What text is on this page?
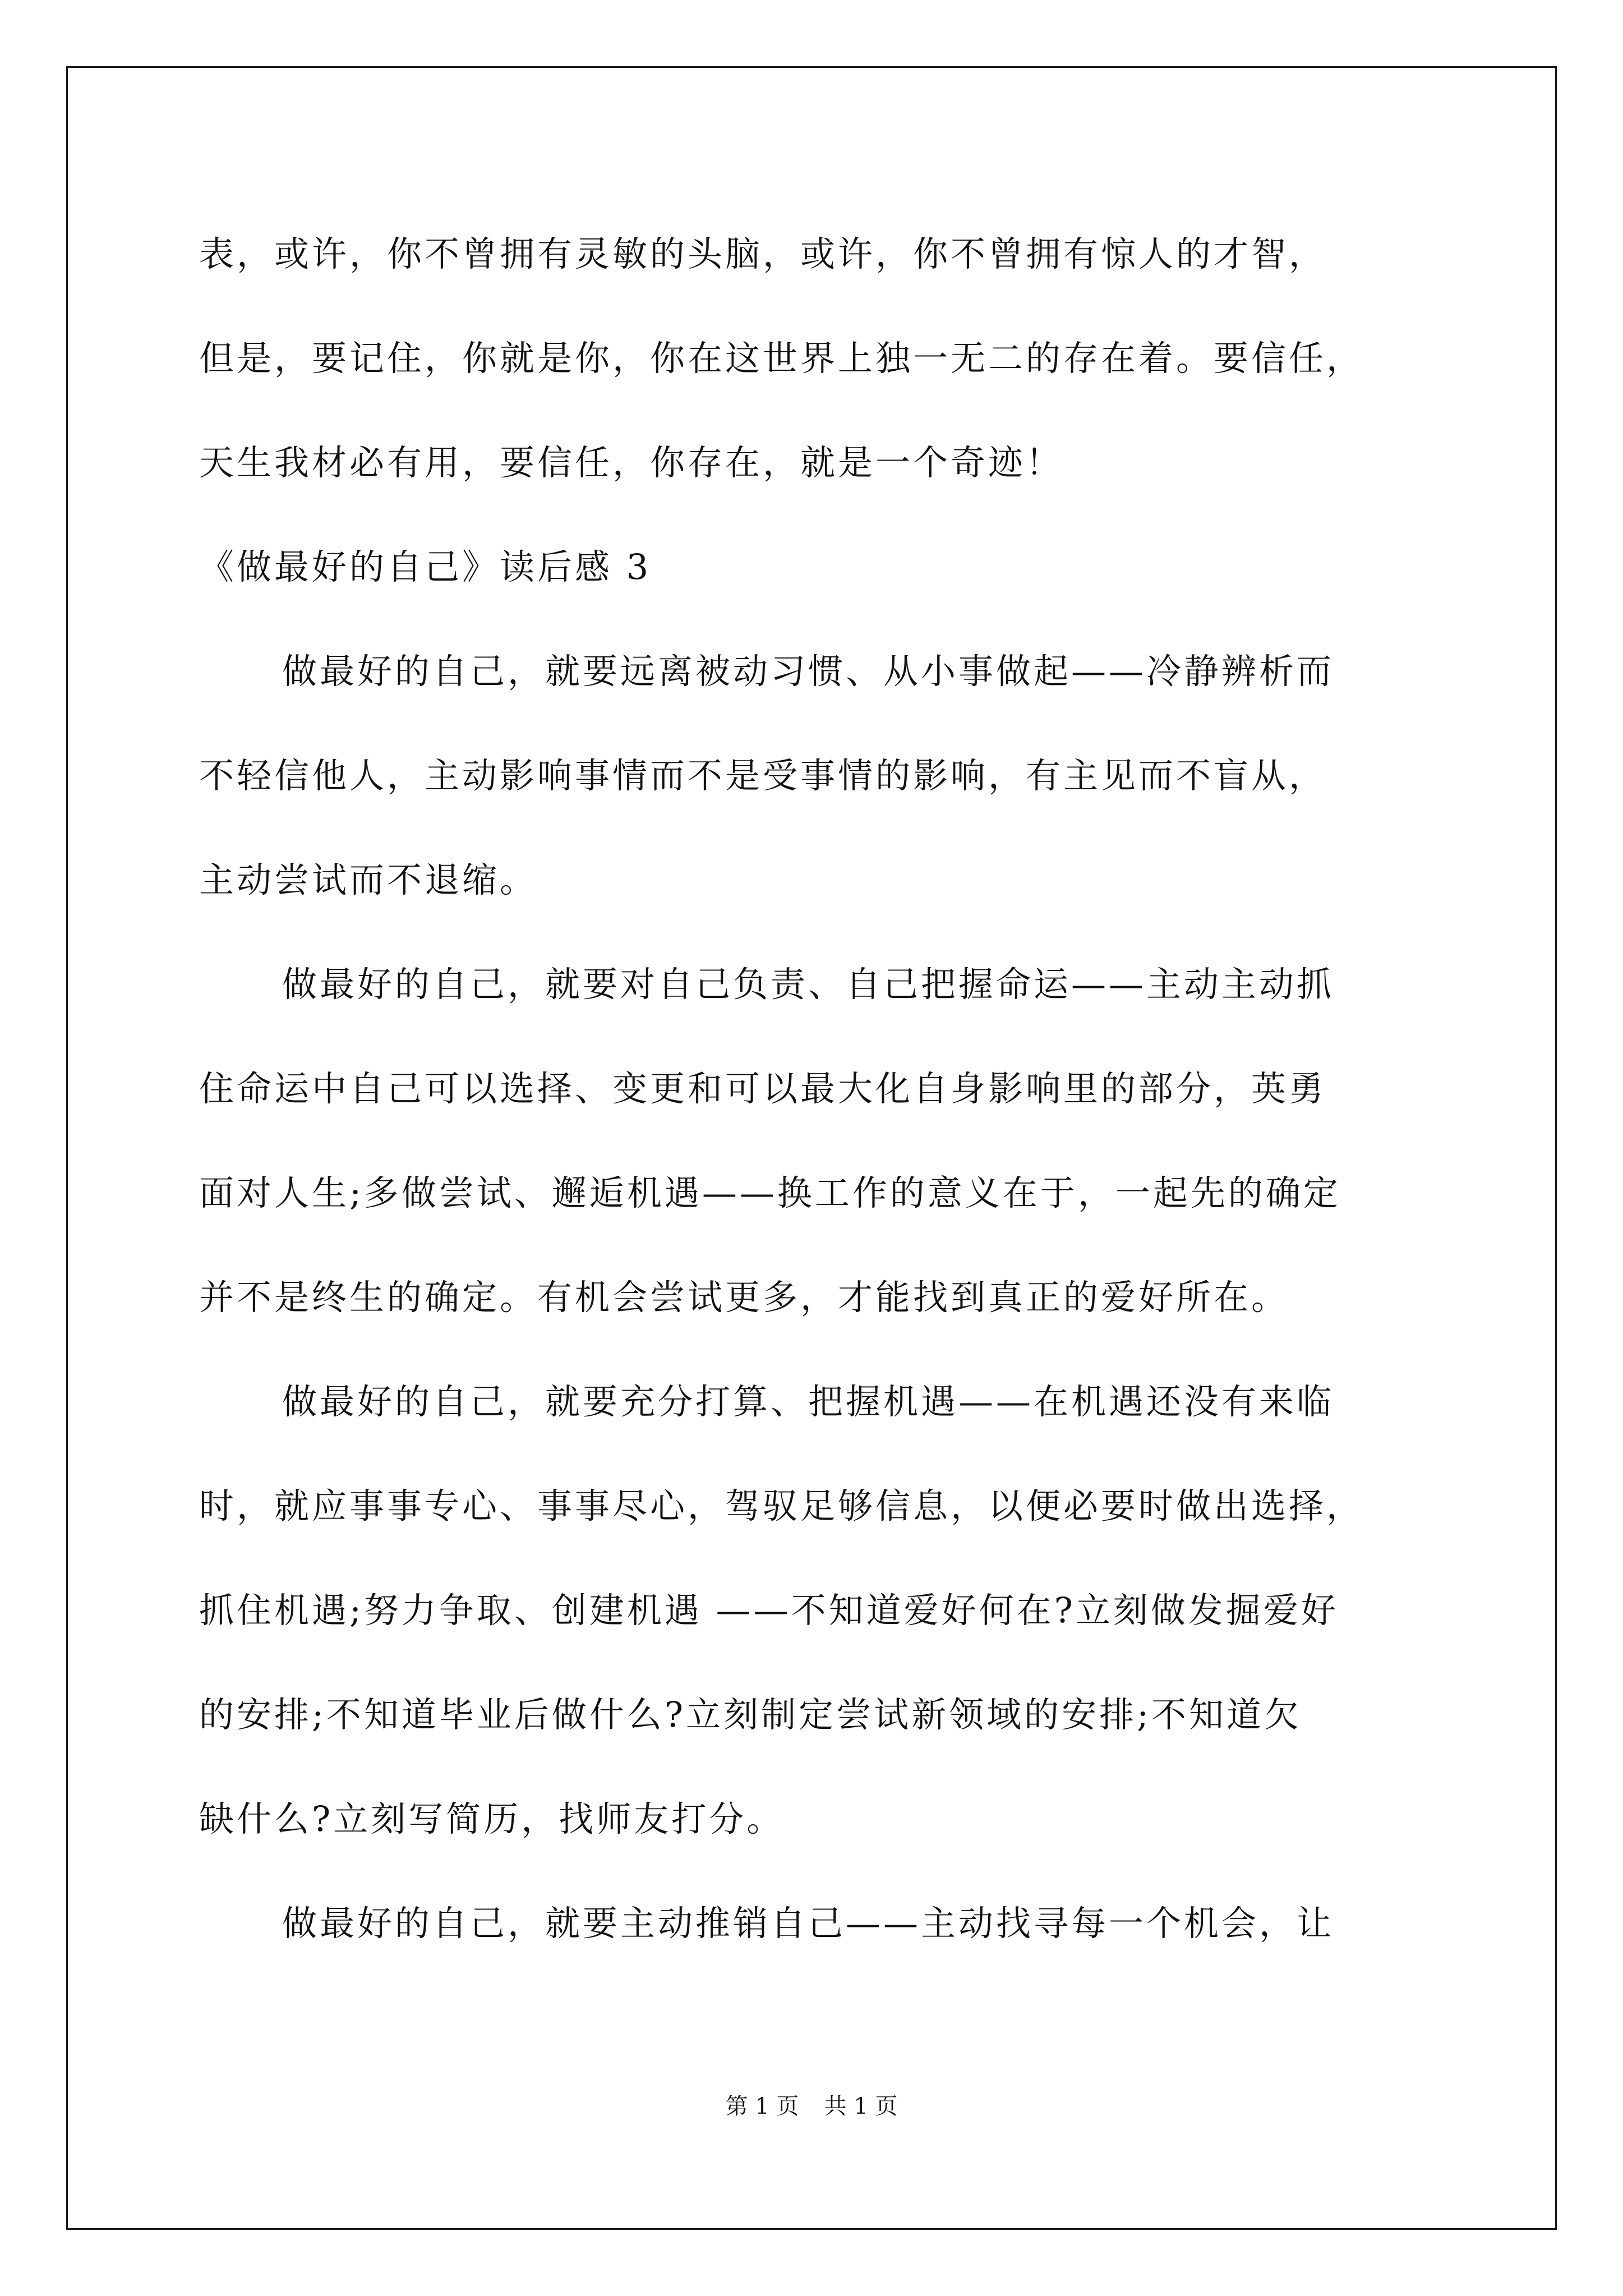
表，或许，你不曾拥有灵敏的头脑，或许，你不曾拥有惊人的才智，
但是，要记住，你就是你，你在这世界上独一无二的存在着。要信任，
天生我材必有用，要信任，你存在，就是一个奇迹！
《做最好的自己》读后感 3
做最好的自己，就要远离被动习惯、从小事做起——冷静辨析而
不轻信他人，主动影响事情而不是受事情的影响，有主见而不盲从，
主动尝试而不退缩。
做最好的自己，就要对自己负责、自己把握命运——主动主动抓
住命运中自己可以选择、变更和可以最大化自身影响里的部分，英勇
面对人生;多做尝试、邂逅机遇——换工作的意义在于，一起先的确定
并不是终生的确定。有机会尝试更多，才能找到真正的爱好所在。
做最好的自己，就要充分打算、把握机遇——在机遇还没有来临
时，就应事事专心、事事尽心，驾驭足够信息，以便必要时做出选择，
抓住机遇;努力争取、创建机遇 ——不知道爱好何在?立刻做发掘爱好
的安排;不知道毕业后做什么?立刻制定尝试新领域的安排;不知道欠
缺什么?立刻写简历，找师友打分。
做最好的自己，就要主动推销自己——主动找寻每一个机会，让
第 1 页 共 1 页
